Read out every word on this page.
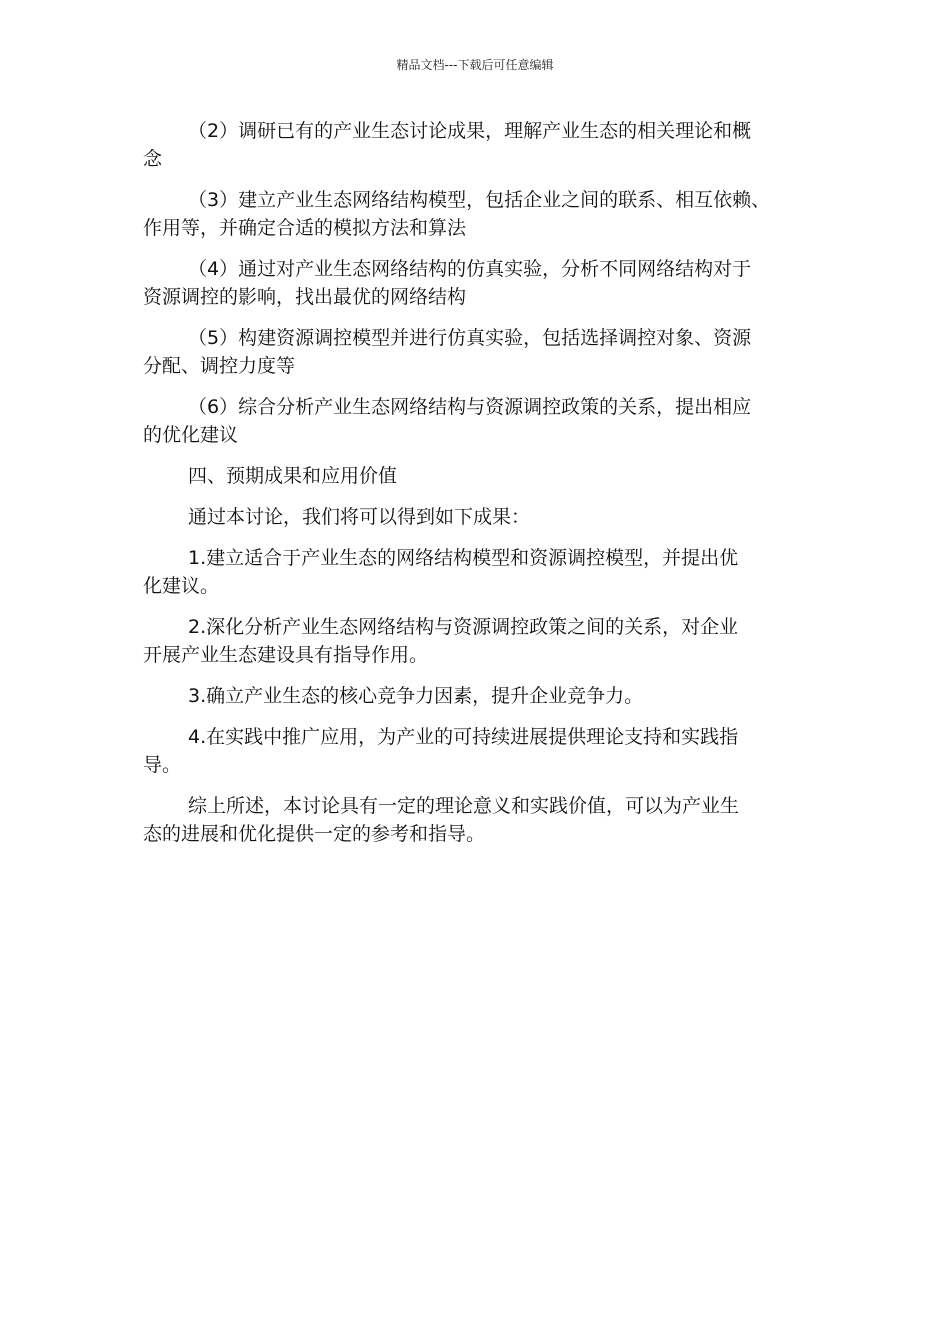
精品文档---下载后可任意编辑

（2）调研已有的产业生态讨论成果，理解产业生态的相关理论和概
念

（3）建立产业生态网络结构模型，包括企业之间的联系、相互依赖、
作用等，并确定合适的模拟方法和算法

（4）通过对产业生态网络结构的仿真实验，分析不同网络结构对于
资源调控的影响，找出最优的网络结构

（5）构建资源调控模型并进行仿真实验，包括选择调控对象、资源
分配、调控力度等

（6）综合分析产业生态网络结构与资源调控政策的关系，提出相应
的优化建议

四、预期成果和应用价值

通过本讨论，我们将可以得到如下成果：

1.建立适合于产业生态的网络结构模型和资源调控模型，并提出优
化建议。

2.深化分析产业生态网络结构与资源调控政策之间的关系，对企业
开展产业生态建设具有指导作用。

3.确立产业生态的核心竞争力因素，提升企业竞争力。

4.在实践中推广应用，为产业的可持续进展提供理论支持和实践指
导。

综上所述，本讨论具有一定的理论意义和实践价值，可以为产业生
态的进展和优化提供一定的参考和指导。
